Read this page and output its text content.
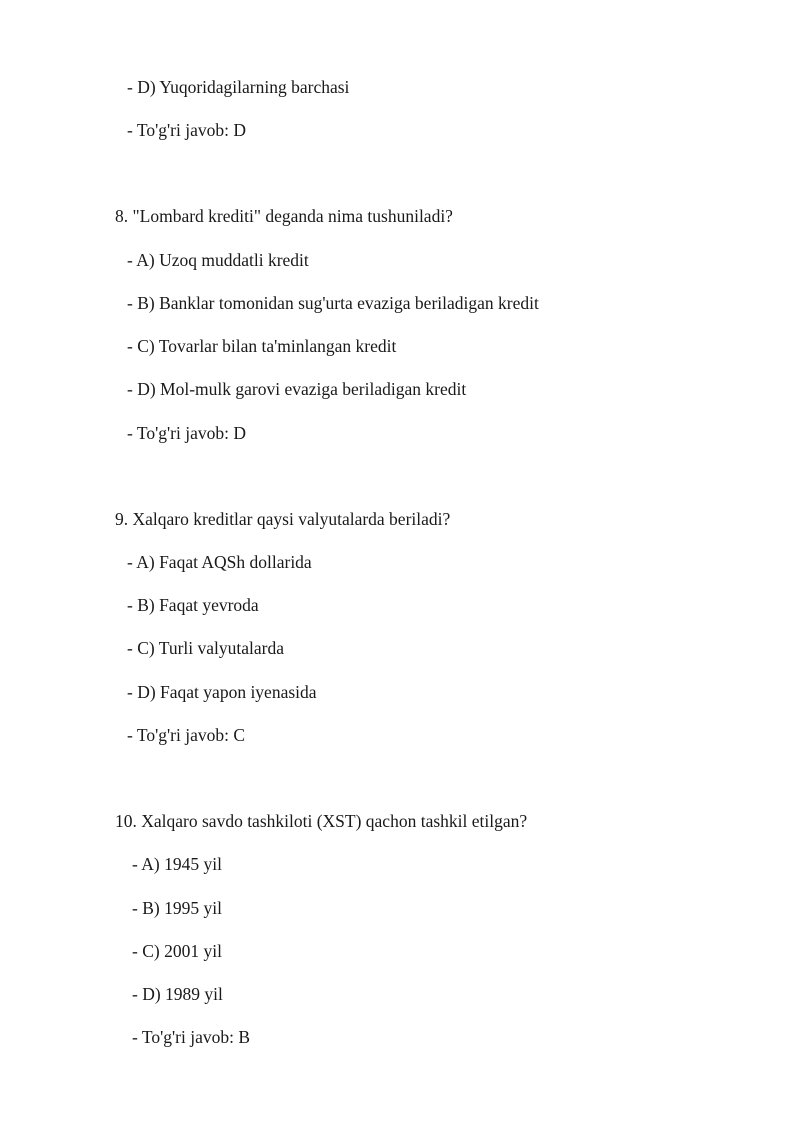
- D) Yuqoridagilarning barchasi
- To'g'ri javob: D
8. "Lombard krediti" deganda nima tushuniladi?
- A) Uzoq muddatli kredit
- B) Banklar tomonidan sug'urta evaziga beriladigan kredit
- C) Tovarlar bilan ta'minlangan kredit
- D) Mol-mulk garovi evaziga beriladigan kredit
- To'g'ri javob: D
9. Xalqaro kreditlar qaysi valyutalarda beriladi?
- A) Faqat AQSh dollarida
- B) Faqat yevroda
- C) Turli valyutalarda
- D) Faqat yapon iyenasida
- To'g'ri javob: C
10. Xalqaro savdo tashkiloti (XST) qachon tashkil etilgan?
- A) 1945 yil
- B) 1995 yil
- C) 2001 yil
- D) 1989 yil
- To'g'ri javob: B
